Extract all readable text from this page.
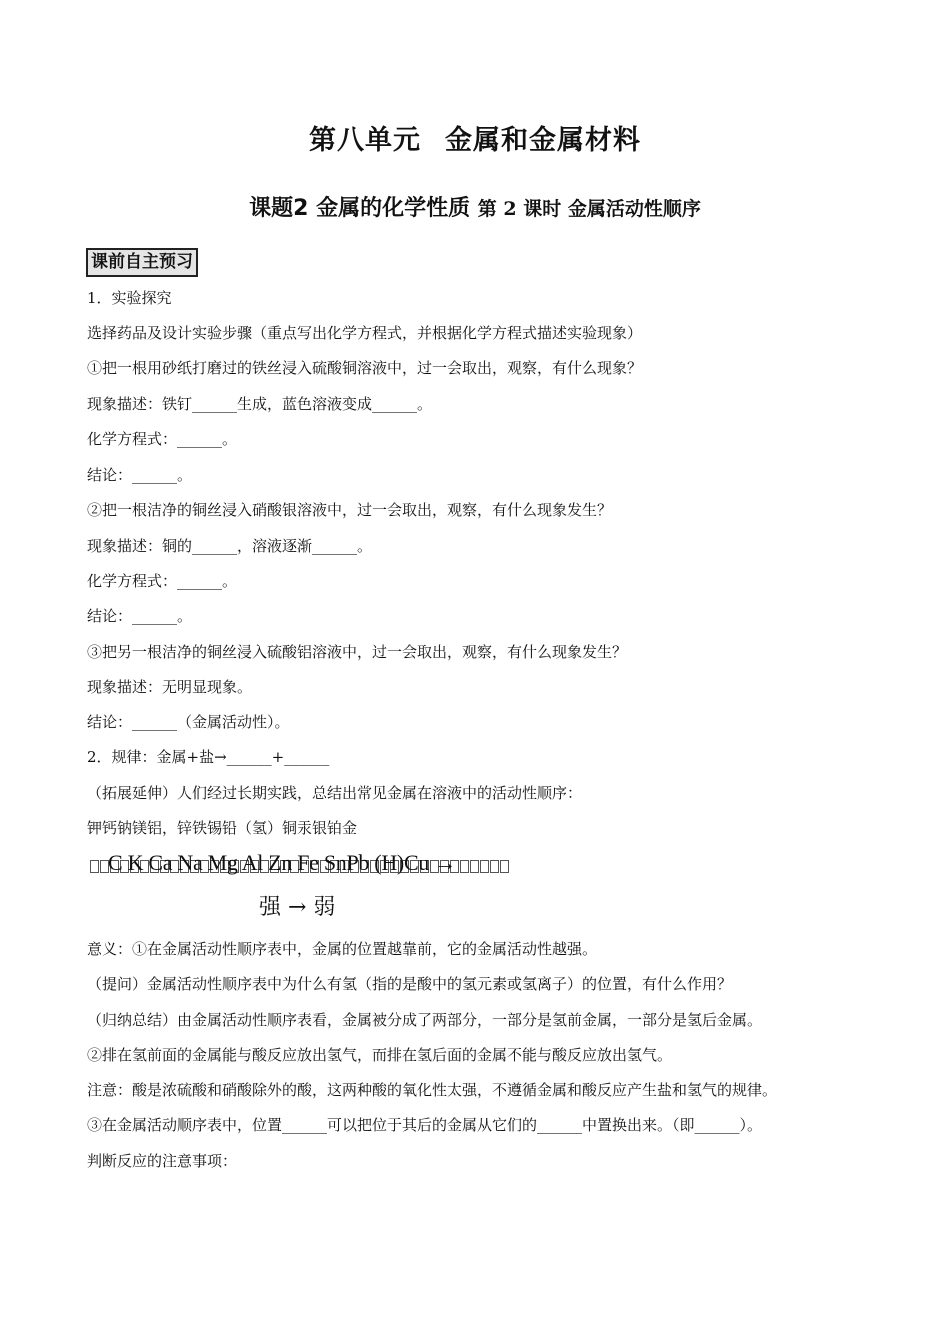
第八单元 金属和金属材料
课题2 金属的化学性质 第 2 课时 金属活动性顺序
课前自主预习
1．实验探究
选择药品及设计实验步骤（重点写出化学方程式，并根据化学方程式描述实验现象）
①把一根用砂纸打磨过的铁丝浸入硫酸铜溶液中，过一会取出，观察，有什么现象？
现象描述：铁钉______生成，蓝色溶液变成______。
化学方程式：______。
结论：______。
②把一根洁净的铜丝浸入硝酸银溶液中，过一会取出，观察，有什么现象发生？
现象描述：铜的______，溶液逐渐______。
化学方程式：______。
结论：______。
③把另一根洁净的铜丝浸入硫酸铝溶液中，过一会取出，观察，有什么现象发生？
现象描述：无明显现象。
结论：______（金属活动性）。
2．规律：金属+盐→______+______
（拓展延伸）人们经过长期实践，总结出常见金属在溶液中的活动性顺序：
钾钙钠镁铝，锌铁锡铅（氢）铜汞银铂金
C K Ca Na Mg Al Zn Fe SnPb (H)Cu →
强 → 弱
意义：①在金属活动性顺序表中，金属的位置越靠前，它的金属活动性越强。
（提问）金属活动性顺序表中为什么有氢（指的是酸中的氢元素或氢离子）的位置，有什么作用？
（归纳总结）由金属活动性顺序表看，金属被分成了两部分，一部分是氢前金属，一部分是氢后金属。
②排在氢前面的金属能与酸反应放出氢气，而排在氢后面的金属不能与酸反应放出氢气。
注意：酸是浓硫酸和硝酸除外的酸，这两种酸的氧化性太强，不遵循金属和酸反应产生盐和氢气的规律。
③在金属活动顺序表中，位置______可以把位于其后的金属从它们的______中置换出来。（即______）。
判断反应的注意事项：
